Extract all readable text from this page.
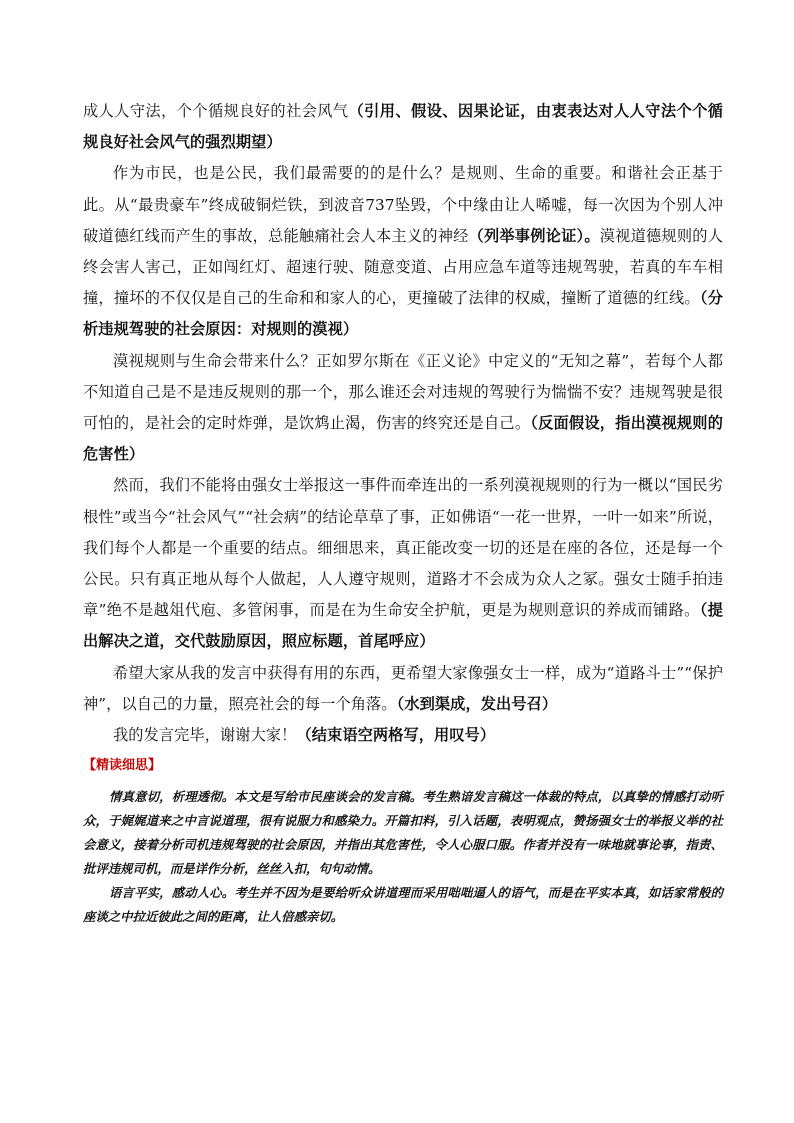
成人人守法，个个循规良好的社会风气（引用、假设、因果论证，由衷表达对人人守法个个循规良好社会风气的强烈期望）

作为市民，也是公民，我们最需要的的是什么？是规则、生命的重要。和谐社会正基于此。从“最贵豪车”终成破铜烂铁，到波音737坠毁，个中缘由让人唏嘘，每一次因为个别人冲破道德红线而产生的事故，总能触痛社会人本主义的神经（列举事例论证）。漠视道德规则的人终会害人害己，正如闯红灯、超速行驶、随意变道、占用应急车道等违规驾驶，若真的车车相撞，撞坏的不仅仅是自己的生命和和家人的心，更撞破了法律的权威，撞断了道德的红线。（分析违规驾驶的社会原因：对规则的漠视）

漠视规则与生命会带来什么？正如罗尔斯在《正义论》中定义的“无知之幕”，若每个人都不知道自己是不是违反规则的那一个，那么谁还会对违规的驾驶行为惴惴不安？违规驾驶是很可怕的，是社会的定时炸弹，是饮鸩止渴，伤害的终究还是自己。（反面假设，指出漠视规则的危害性）

然而，我们不能将由强女士举报这一事件而牵连出的一系列漠视规则的行为一概以“国民劣根性”或当今“社会风气”“社会病”的结论草草了事，正如佛语“一花一世界，一叶一如来”所说，我们每个人都是一个重要的结点。细细思来，真正能改变一切的还是在座的各位，还是每一个公民。只有真正地从每个人做起，人人遵守规则，道路才不会成为众人之冢。强女士随手拍违章”绝不是越俎代庖、多管闲事，而是在为生命安全护航，更是为规则意识的养成而铺路。（提出解决之道，交代鼓励原因，照应标题，首尾呼应）

希望大家从我的发言中获得有用的东西，更希望大家像强女士一样，成为“道路斗士”“保护神”，以自己的力量，照亮社会的每一个角落。（水到渠成，发出号召）

我的发言完毕，谢谢大家！（结束语空两格写，用叹号）

【精读细思】

情真意切，析理透彻。本文是写给市民座谈会的发言稿。考生熟谙发言稿这一体裁的特点，以真挚的情感打动听众，于娓娓道来之中言说道理，很有说服力和感染力。开篇扣料，引入话题，表明观点，赞扬强女士的举报义举的社会意义，接着分析司机违规驾驶的社会原因，并指出其危害性，令人心服口服。作者并没有一味地就事论事，指责、批评违规司机，而是详作分析，丝丝入扣，句句动情。

语言平实，感动人心。考生并不因为是要给听众讲道理而采用咄咄逼人的语气，而是在平实本真，如话家常般的座谈之中拉近彼此之间的距离，让人倍感亲切。
